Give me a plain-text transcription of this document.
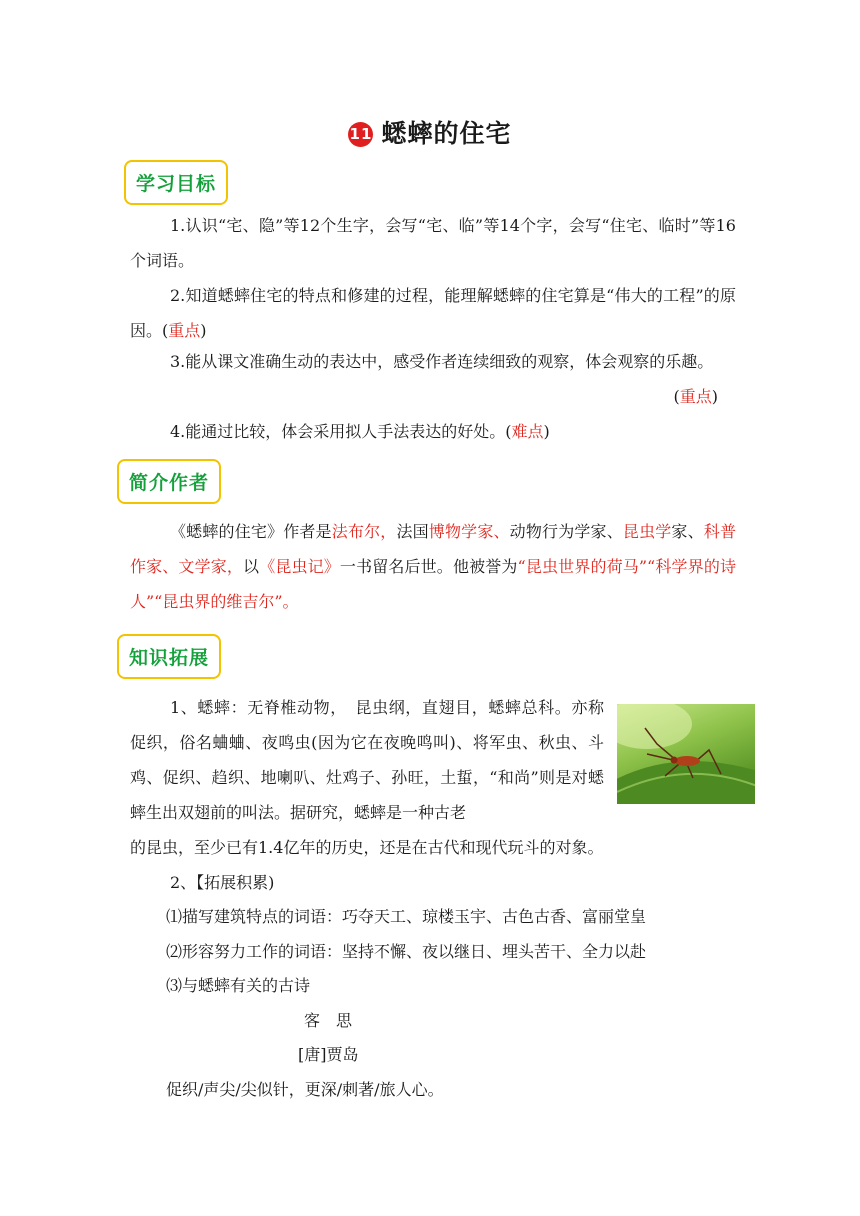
11 蟋蟀的住宅
学习目标
1.认识“宅、隐”等12个生字，会写“宅、临”等14个字，会写“住宅、临时”等16个词语。
2.知道蟋蟀住宅的特点和修建的过程，能理解蟋蟀的住宅算是“伟大的工程”的原因。(重点)
3.能从课文准确生动的表达中，感受作者连续细致的观察，体会观察的乐趣。
(重点)
4.能通过比较，体会采用拟人手法表达的好处。(难点)
简介作者
《蟋蟀的住宅》作者是法布尔，法国博物学家、动物行为学家、昆虫学家、科普作家、文学家，以《昆虫记》一书留名后世。他被誉为“昆虫世界的荷马”“科学界的诗人”“昆虫界的维吉尔”。
知识拓展
1、蟋蟀：无脊椎动物，　昆虫纲，直翅目，蟋蟀总科。亦称促织，俗名蛐蛐、夜鸣虫(因为它在夜晚鸣叫)、将军虫、秋虫、斗鸡、促织、趋织、地喇叭、灶鸡子、孙旺，土蜇，“和尚”则是对蟋蟀生出双翅前的叫法。据研究，蟋蟀是一种古老
的昆虫，至少已有1.4亿年的历史，还是在古代和现代玩斗的对象。
2、【拓展积累)
⑴描写建筑特点的词语：巧夺天工、琼楼玉宇、古色古香、富丽堂皇
⑵形容努力工作的词语：坚持不懈、夜以继日、埋头苦干、全力以赴
⑶与蟋蟀有关的古诗
客　思
[唐]贾岛
促织/声尖/尖似针，更深/刺著/旅人心。
